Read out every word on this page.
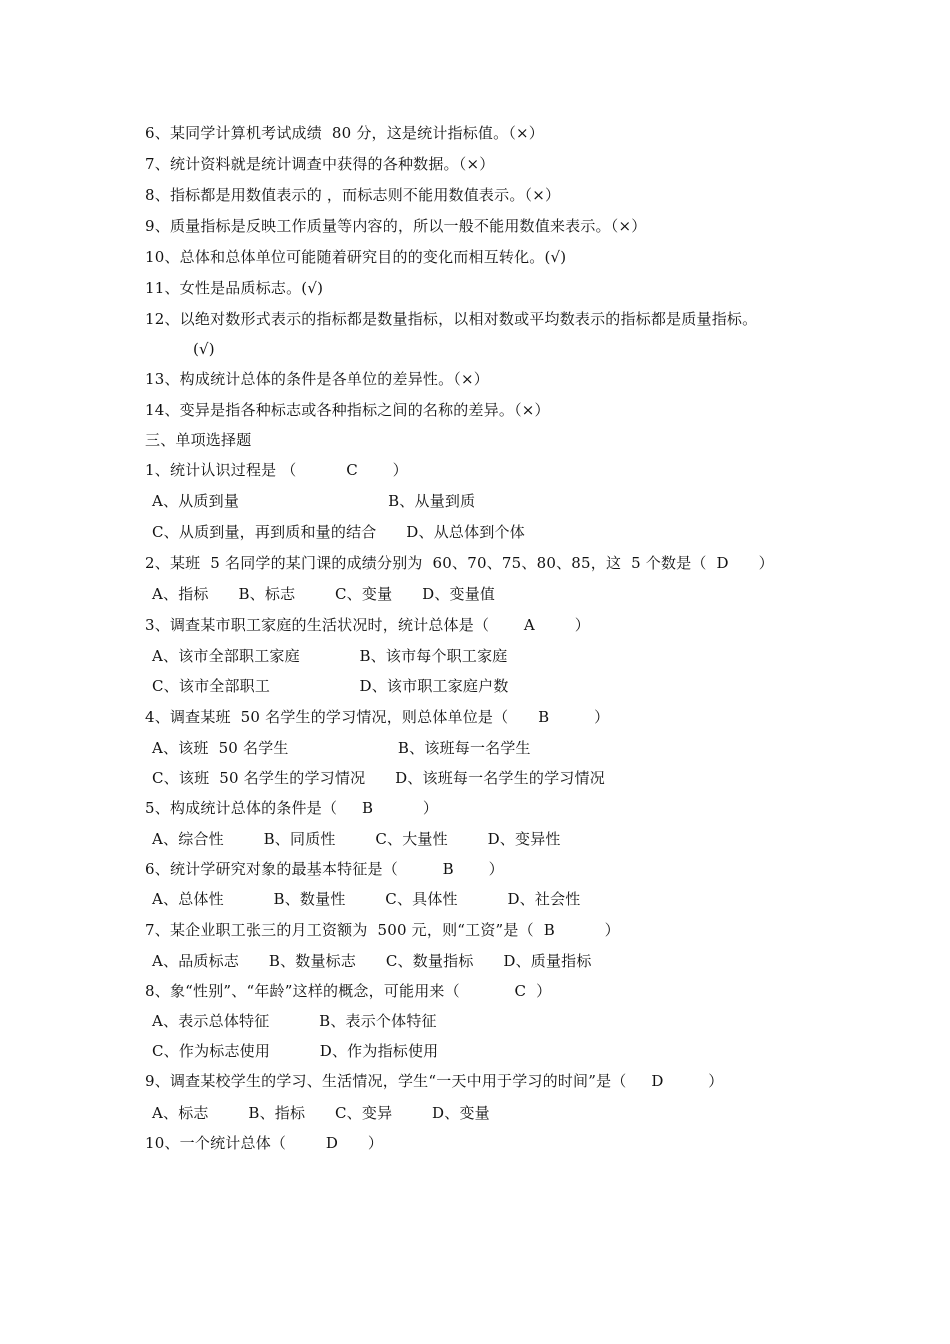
6、某同学计算机考试成绩  80 分，这是统计指标值。（×）
7、统计资料就是统计调查中获得的各种数据。（×）
8、指标都是用数值表示的 ，而标志则不能用数值表示。（×）
9、质量指标是反映工作质量等内容的，所以一般不能用数值来表示。（×）
10、总体和总体单位可能随着研究目的的变化而相互转化。(√)
11、女性是品质标志。(√)
12、以绝对数形式表示的指标都是数量指标，以相对数或平均数表示的指标都是质量指标。
(√)
13、构成统计总体的条件是各单位的差异性。（×）
14、变异是指各种标志或各种指标之间的名称的差异。（×）
三、单项选择题
1、统计认识过程是 （          C       ）
A、从质到量                              B、从量到质
C、从质到量，再到质和量的结合      D、从总体到个体
2、某班  5 名同学的某门课的成绩分别为  60、70、75、80、85，这  5 个数是（  D      ）
A、指标      B、标志        C、变量      D、变量值
3、调查某市职工家庭的生活状况时，统计总体是（       A        ）
A、该市全部职工家庭            B、该市每个职工家庭
C、该市全部职工                  D、该市职工家庭户数
4、调查某班  50 名学生的学习情况，则总体单位是（      B         ）
A、该班  50 名学生                      B、该班每一名学生
C、该班  50 名学生的学习情况      D、该班每一名学生的学习情况
5、构成统计总体的条件是（     B          ）
A、综合性        B、同质性        C、大量性        D、变异性
6、统计学研究对象的最基本特征是（         B       ）
A、总体性          B、数量性        C、具体性          D、社会性
7、某企业职工张三的月工资额为  500 元，则“工资”是（  B          ）
A、品质标志      B、数量标志      C、数量指标      D、质量指标
8、象“性别”、“年龄”这样的概念，可能用来（           C  ）
A、表示总体特征          B、表示个体特征
C、作为标志使用          D、作为指标使用
9、调查某校学生的学习、生活情况，学生“一天中用于学习的时间”是（     D         ）
A、标志        B、指标      C、变异        D、变量
10、一个统计总体（        D      ）
